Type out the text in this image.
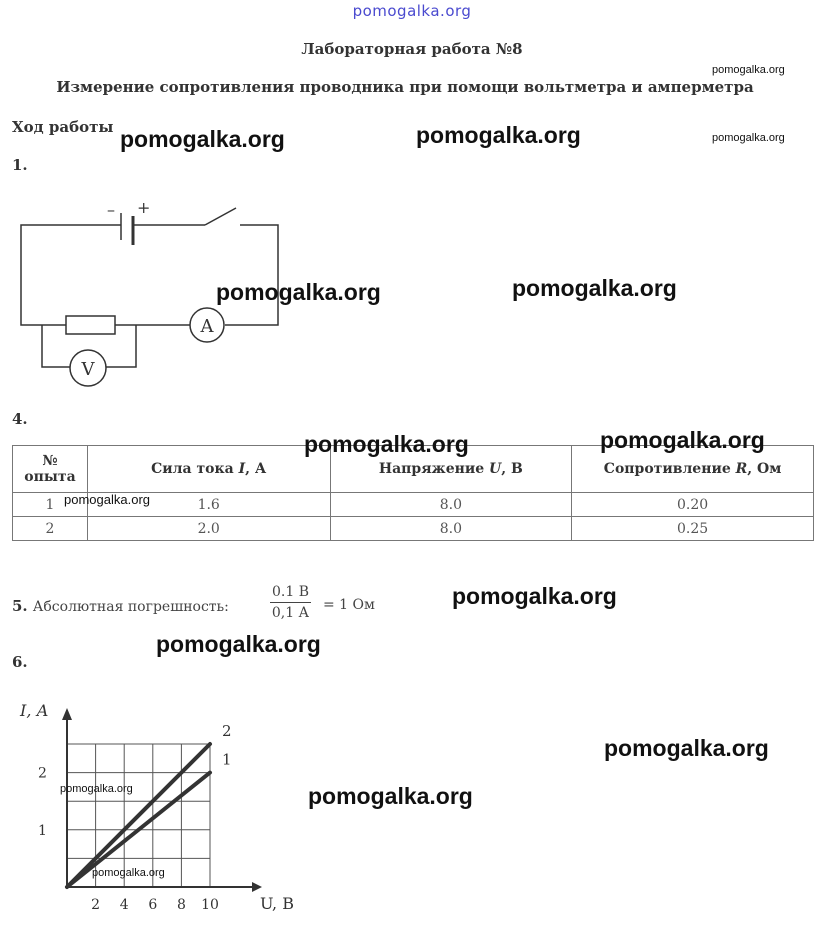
pomogalka.org
Лабораторная работа №8
Измерение сопротивления проводника при помощи вольтметра и амперметра
Ход работы
1.
4.
6.
– +
A
V
№
опыта	Сила тока I, А	Напряжение U, В	Сопротивление R, Ом
1	1.6	8.0	0.20
2	2.0	8.0	0.25
5. Абсолютная погрешность:
0.1 В
0,1 А = 1 Ом
2 4 6 8 10
1
2
1
2
I, А
U, В
pomogalka.org
pomogalka.org	pomogalka.org	pomogalka.org
pomogalka.org	pomogalka.org
pomogalka.org	pomogalka.org
pomogalka.org
pomogalka.org
pomogalka.org
pomogalka.org
pomogalka.org	pomogalka.org
pomogalka.org
